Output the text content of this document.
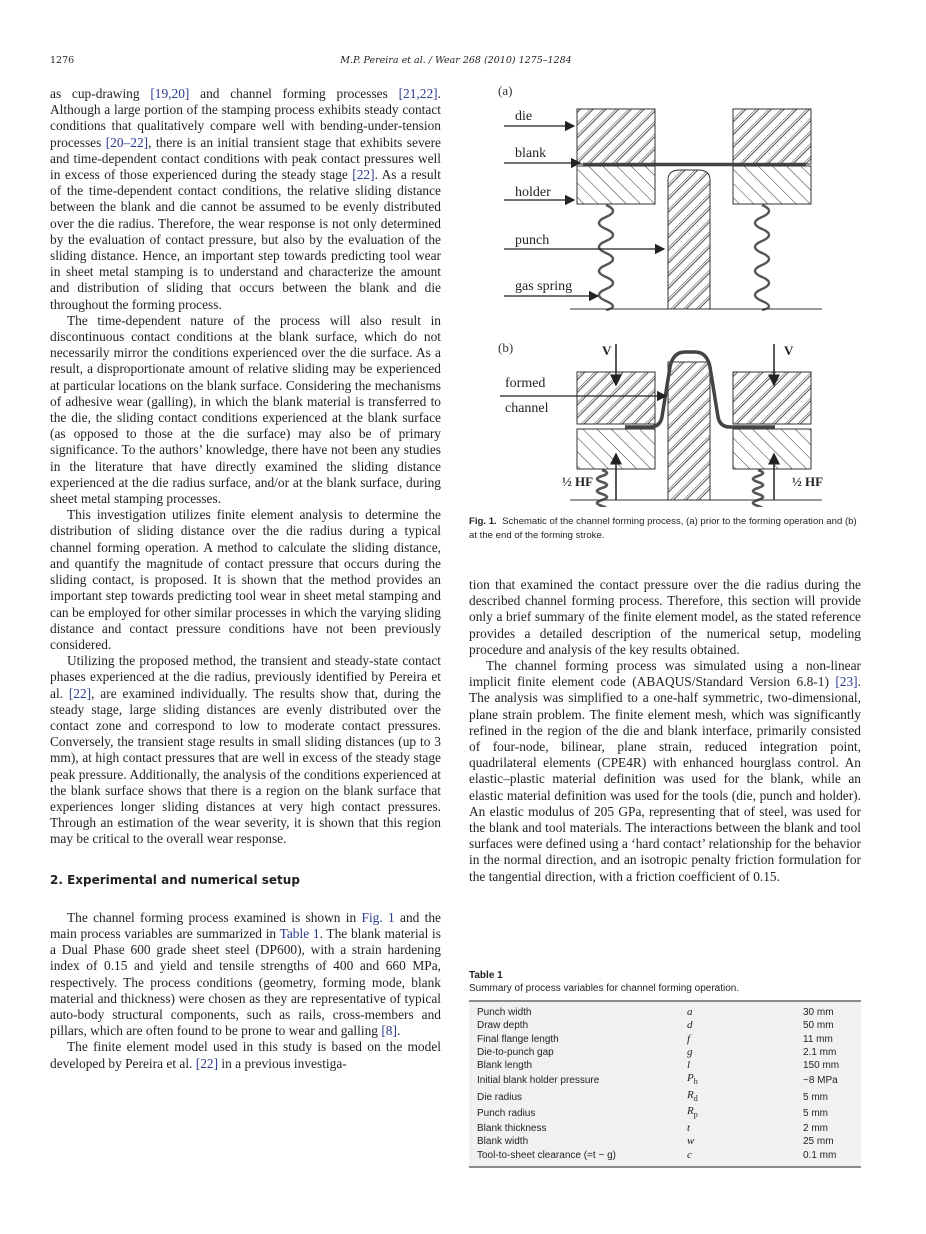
1276	M.P. Pereira et al. / Wear 268 (2010) 1275–1284

as cup-drawing [19,20] and channel forming processes [21,22]. Although a large portion of the stamping process exhibits steady contact conditions that qualitatively compare well with bending-under-tension processes [20–22], there is an initial transient stage that exhibits severe and time-dependent contact conditions with peak contact pressures well in excess of those experienced during the steady stage [22]. As a result of the time-dependent contact conditions, the relative sliding distance between the blank and die cannot be assumed to be evenly distributed over the die radius. Therefore, the wear response is not only determined by the evaluation of contact pressure, but also by the evaluation of the sliding distance. Hence, an important step towards predicting tool wear in sheet metal stamping is to understand and characterize the amount and distribution of sliding that occurs between the blank and die throughout the forming process.

The time-dependent nature of the process will also result in discontinuous contact conditions at the blank surface, which do not necessarily mirror the conditions experienced over the die surface. As a result, a disproportionate amount of relative sliding may be experienced at particular locations on the blank surface. Considering the mechanisms of adhesive wear (galling), in which the blank material is transferred to the die, the sliding contact conditions experienced at the blank surface (as opposed to those at the die surface) may also be of primary significance. To the authors’ knowledge, there have not been any studies in the literature that have directly examined the sliding distance experienced at the die radius surface, and/or at the blank surface, during sheet metal stamping processes.

This investigation utilizes finite element analysis to determine the distribution of sliding distance over the die radius during a typical channel forming operation. A method to calculate the sliding distance, and quantify the magnitude of contact pressure that occurs during the sliding contact, is proposed. It is shown that the method provides an important step towards predicting tool wear in sheet metal stamping and can be employed for other similar processes in which the varying sliding distance and contact pressure conditions have not been previously considered.

Utilizing the proposed method, the transient and steady-state contact phases experienced at the die radius, previously identified by Pereira et al. [22], are examined individually. The results show that, during the steady stage, large sliding distances are evenly distributed over the contact zone and correspond to low to moderate contact pressures. Conversely, the transient stage results in small sliding distances (up to 3 mm), at high contact pressures that are well in excess of the steady stage peak pressure. Additionally, the analysis of the conditions experienced at the blank surface shows that there is a region on the blank surface that experiences longer sliding distances at very high contact pressures. Through an estimation of the wear severity, it is shown that this region may be critical to the overall wear response.

2. Experimental and numerical setup

The channel forming process examined is shown in Fig. 1 and the main process variables are summarized in Table 1. The blank material is a Dual Phase 600 grade sheet steel (DP600), with a strain hardening index of 0.15 and yield and tensile strengths of 400 and 660 MPa, respectively. The process conditions (geometry, forming mode, blank material and thickness) were chosen as they are representative of typical auto-body structural components, such as rails, cross-members and pillars, which are often found to be prone to wear and galling [8].

The finite element model used in this study is based on the model developed by Pereira et al. [22] in a previous investiga-

(a)
die
blank
holder
punch
gas spring
(b)	V	V
formed
channel
½ HF	½ HF
Fig. 1. Schematic of the channel forming process, (a) prior to the forming operation and (b) at the end of the forming stroke.

tion that examined the contact pressure over the die radius during the described channel forming process. Therefore, this section will provide only a brief summary of the finite element model, as the stated reference provides a detailed description of the numerical setup, modeling procedure and analysis of the key results obtained.

The channel forming process was simulated using a non-linear implicit finite element code (ABAQUS/Standard Version 6.8-1) [23]. The analysis was simplified to a one-half symmetric, two-dimensional, plane strain problem. The finite element mesh, which was significantly refined in the region of the die and blank interface, primarily consisted of four-node, bilinear, plane strain, reduced integration point, quadrilateral elements (CPE4R) with enhanced hourglass control. An elastic–plastic material definition was used for the blank, while an elastic material definition was used for the tools (die, punch and holder). An elastic modulus of 205 GPa, representing that of steel, was used for the blank and tool materials. The interactions between the blank and tool surfaces were defined using a ‘hard contact’ relationship for the behavior in the normal direction, and an isotropic penalty friction formulation for the tangential direction, with a friction coefficient of 0.15.

Table 1
Summary of process variables for channel forming operation.
Punch width	a	30 mm
Draw depth	d	50 mm
Final flange length	f	11 mm
Die-to-punch gap	g	2.1 mm
Blank length	l	150 mm
Initial blank holder pressure	$P_h$	~8 MPa
Die radius	$R_d$	5 mm
Punch radius	$R_p$	5 mm
Blank thickness	t	2 mm
Blank width	w	25 mm
Tool-to-sheet clearance (=t − g)	c	0.1 mm
